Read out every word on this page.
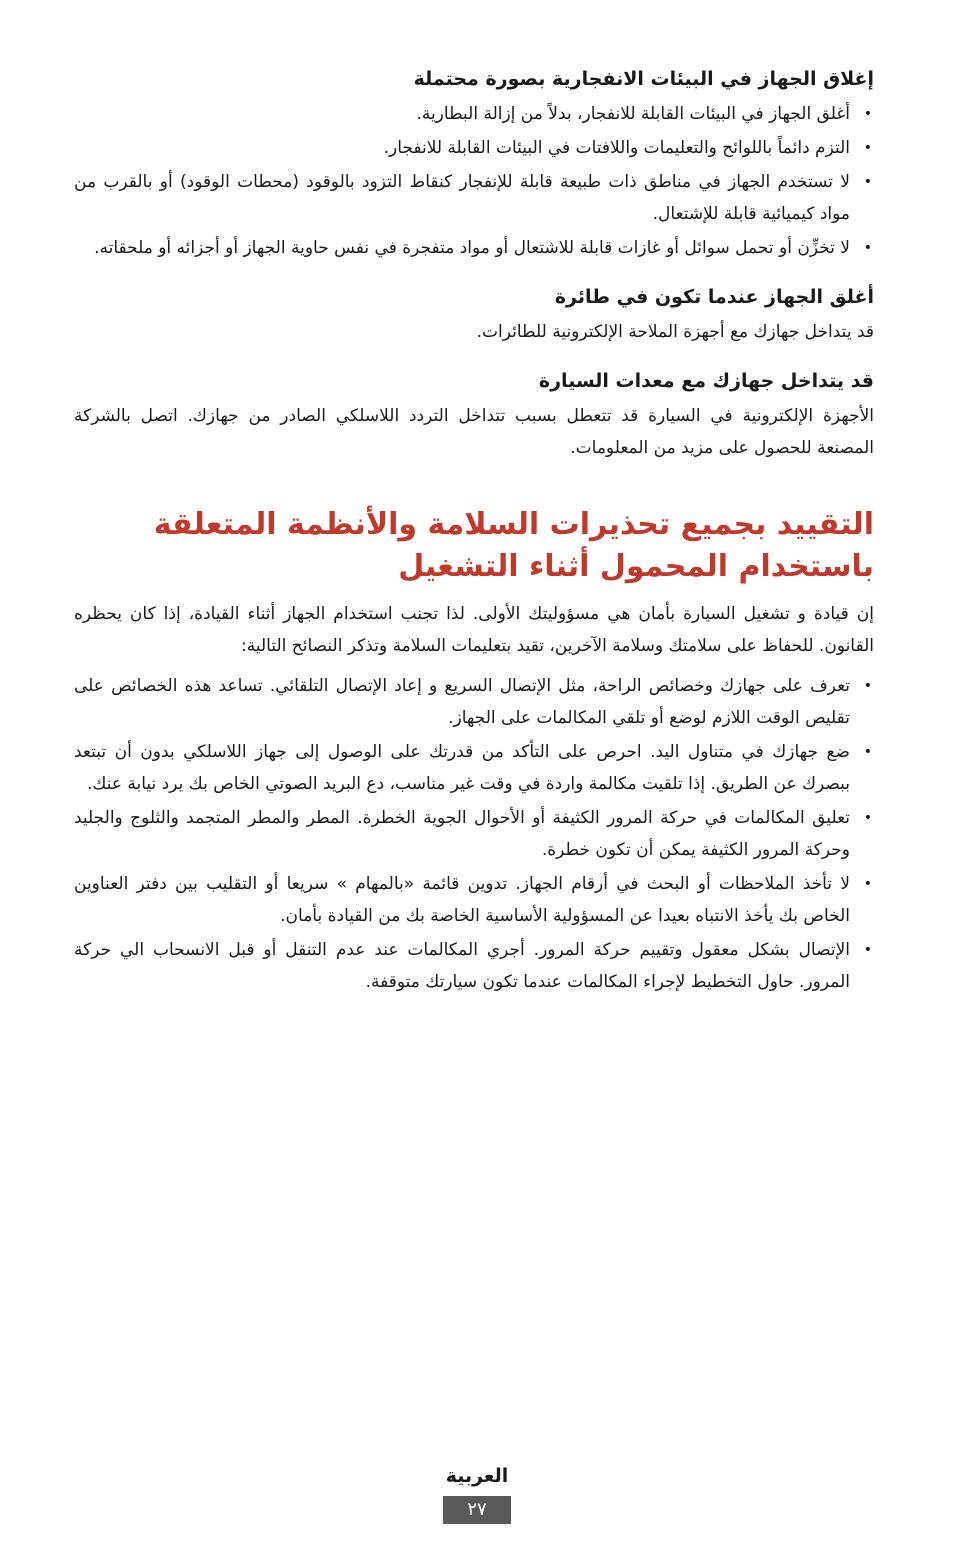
إغلاق الجهاز في البيئات الانفجارية بصورة محتملة
•
أغلق الجهاز في البيئات القابلة للانفجار، بدلاً من إزالة البطارية.
•
التزم دائماً باللوائح والتعليمات واللافتات في البيئات القابلة للانفجار.
•
لا تستخدم الجهاز في مناطق ذات طبيعة قابلة للإنفجار كنقاط التزود بالوقود (محطات الوقود) أو بالقرب من مواد كيميائية قابلة للإشتعال.
•
لا تخزِّن أو تحمل سوائل أو غازات قابلة للاشتعال أو مواد متفجرة في نفس حاوية الجهاز أو أجزائه أو ملحقاته.
أغلق الجهاز عندما تكون في طائرة

قد يتداخل جهازك مع أجهزة الملاحة الإلكترونية للطائرات.

قد يتداخل جهازك مع معدات السيارة

الأجهزة الإلكترونية في السيارة قد تتعطل بسبب تتداخل التردد اللاسلكي الصادر من جهازك. اتصل بالشركة المصنعة للحصول على مزيد من المعلومات.

التقييد بجميع تحذيرات السلامة والأنظمة المتعلقة باستخدام المحمول أثناء التشغيل

إن قيادة و تشغيل السيارة بأمان هي مسؤوليتك الأولى. لذا تجنب استخدام الجهاز أثناء القيادة، إذا كان يحظره القانون. للحفاظ على سلامتك وسلامة الآخرين، تقيد بتعليمات السلامة وتذكر النصائح التالية:

•
تعرف على جهازك وخصائص الراحة، مثل الإتصال السريع و إعاد الإتصال التلقائي. تساعد هذه الخصائص على تقليص الوقت اللازم لوضع أو تلقي المكالمات على الجهاز.
•
ضع جهازك في متناول اليد. احرص على التأكد من قدرتك على الوصول إلى جهاز اللاسلكي بدون أن تبتعد ببصرك عن الطريق. إذا تلقيت مكالمة واردة في وقت غير مناسب، دع البريد الصوتي الخاص بك يرد نيابة عنك.
•
تعليق المكالمات في حركة المرور الكثيفة أو الأحوال الجوية الخطرة. المطر والمطر المتجمد والثلوج والجليد وحركة المرور الكثيفة يمكن أن تكون خطرة.
•
لا تأخذ الملاحظات أو البحث في أرقام الجهاز. تدوين قائمة «بالمهام » سريعا أو التقليب بين دفتر العناوين الخاص بك يأخذ الانتباه بعيدا عن المسؤولية الأساسية الخاصة بك من القيادة بأمان.
•
الإتصال بشكل معقول وتقييم حركة المرور. أجري المكالمات عند عدم التنقل أو قبل الانسحاب الي حركة المرور. حاول التخطيط لإجراء المكالمات عندما تكون سيارتك متوقفة.
العربية
٢٧
